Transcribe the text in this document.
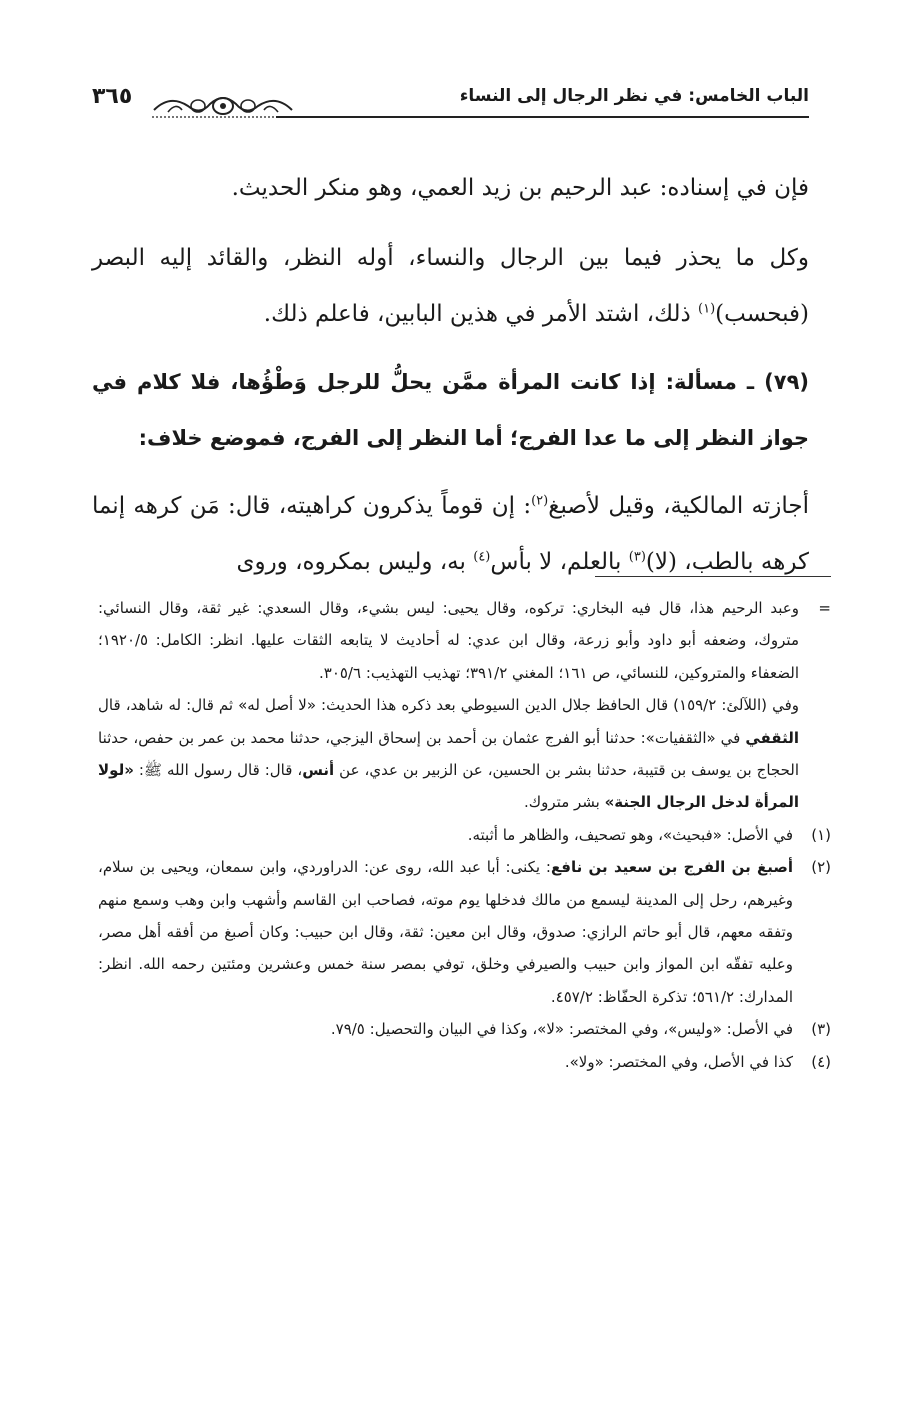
الباب الخامس: في نظر الرجال إلى النساء
٣٦٥

فإن في إسناده: عبد الرحيم بن زيد العمي، وهو منكر الحديث.

وكل ما يحذر فيما بين الرجال والنساء، أوله النظر، والقائد إليه البصر (فبحسب)$^{(١)}$ ذلك، اشتد الأمر في هذين البابين، فاعلم ذلك.

(٧٩) ـ مسألة: إذا كانت المرأة ممَّن يحلُّ للرجل وَطْؤُها، فلا كلام في جواز النظر إلى ما عدا الفرج؛ أما النظر إلى الفرج، فموضع خلاف:

أجازته المالكية، وقيل لأصبغ$^{(٢)}$: إن قوماً يذكرون كراهيته، قال: مَن كرهه إنما كرهه بالطب، (لا)$^{(٣)}$ بالعلم، لا بأس$^{(٤)}$ به، وليس بمكروه، وروى

=

وعبد الرحيم هذا، قال فيه البخاري: تركوه، وقال يحيى: ليس بشيء، وقال السعدي: غير ثقة، وقال النسائي: متروك، وضعفه أبو داود وأبو زرعة، وقال ابن عدي: له أحاديث لا يتابعه الثقات عليها. انظر: الكامل: ١٩٢٠/٥؛ الضعفاء والمتروكين، للنسائي، ص ١٦١؛ المغني ٣٩١/٢؛ تهذيب التهذيب: ٣٠٥/٦.

وفي (اللآلئ: ١٥٩/٢) قال الحافظ جلال الدين السيوطي بعد ذكره هذا الحديث: «لا أصل له» ثم قال: له شاهد، قال الثقفي في «الثقفيات»: حدثنا أبو الفرج عثمان بن أحمد بن إسحاق اليزجي، حدثنا محمد بن عمر بن حفص، حدثنا الحجاج بن يوسف بن قتيبة، حدثنا بشر بن الحسين، عن الزبير بن عدي، عن أنس، قال: قال رسول الله ﷺ: «لولا المرأة لدخل الرجال الجنة» بشر متروك.

(١)

في الأصل: «فبحيث»، وهو تصحيف، والظاهر ما أثبته.

(٢)

أصبغ بن الفرج بن سعيد بن نافع: يكنى: أبا عبد الله، روى عن: الدراوردي، وابن سمعان، ويحيى بن سلام، وغيرهم، رحل إلى المدينة ليسمع من مالك فدخلها يوم موته، فصاحب ابن القاسم وأشهب وابن وهب وسمع منهم وتفقه معهم، قال أبو حاتم الرازي: صدوق، وقال ابن معين: ثقة، وقال ابن حبيب: وكان أصبغ من أفقه أهل مصر، وعليه تفقّه ابن المواز وابن حبيب والصيرفي وخلق، توفي بمصر سنة خمس وعشرين ومئتين رحمه الله. انظر: المدارك: ٥٦١/٢؛ تذكرة الحفّاظ: ٤٥٧/٢.

(٣)

في الأصل: «وليس»، وفي المختصر: «لا»، وكذا في البيان والتحصيل: ٧٩/٥.

(٤)

كذا في الأصل، وفي المختصر: «ولا».
